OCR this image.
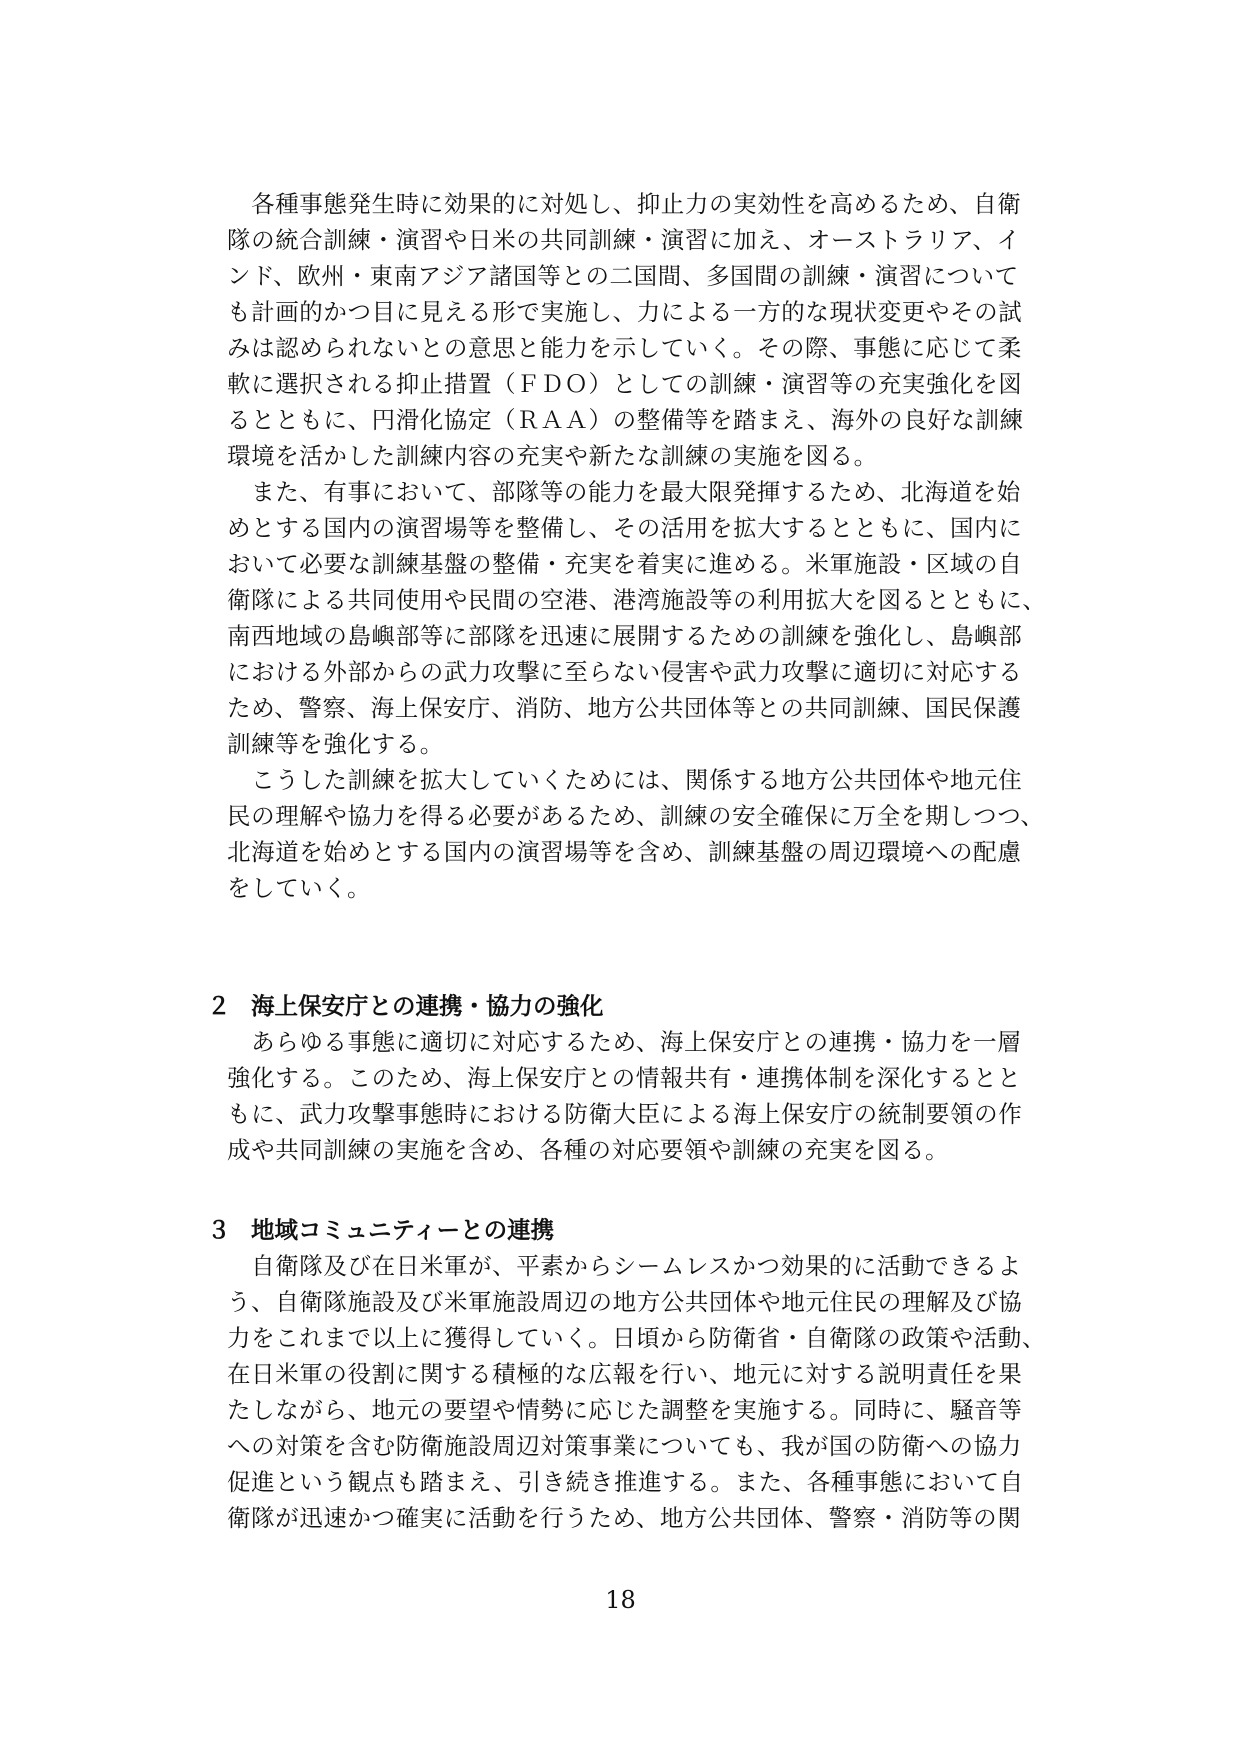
　各種事態発生時に効果的に対処し、抑止力の実効性を高めるため、自衛
隊の統合訓練・演習や日米の共同訓練・演習に加え、オーストラリア、イ
ンド、欧州・東南アジア諸国等との二国間、多国間の訓練・演習について
も計画的かつ目に見える形で実施し、力による一方的な現状変更やその試
みは認められないとの意思と能力を示していく。その際、事態に応じて柔
軟に選択される抑止措置（ＦＤＯ）としての訓練・演習等の充実強化を図
るとともに、円滑化協定（ＲＡＡ）の整備等を踏まえ、海外の良好な訓練
環境を活かした訓練内容の充実や新たな訓練の実施を図る。
　また、有事において、部隊等の能力を最大限発揮するため、北海道を始
めとする国内の演習場等を整備し、その活用を拡大するとともに、国内に
おいて必要な訓練基盤の整備・充実を着実に進める。米軍施設・区域の自
衛隊による共同使用や民間の空港、港湾施設等の利用拡大を図るとともに、
南西地域の島嶼部等に部隊を迅速に展開するための訓練を強化し、島嶼部
における外部からの武力攻撃に至らない侵害や武力攻撃に適切に対応する
ため、警察、海上保安庁、消防、地方公共団体等との共同訓練、国民保護
訓練等を強化する。
　こうした訓練を拡大していくためには、関係する地方公共団体や地元住
民の理解や協力を得る必要があるため、訓練の安全確保に万全を期しつつ、
北海道を始めとする国内の演習場等を含め、訓練基盤の周辺環境への配慮
をしていく。
２ 海上保安庁との連携・協力の強化
　あらゆる事態に適切に対応するため、海上保安庁との連携・協力を一層
強化する。このため、海上保安庁との情報共有・連携体制を深化するとと
もに、武力攻撃事態時における防衛大臣による海上保安庁の統制要領の作
成や共同訓練の実施を含め、各種の対応要領や訓練の充実を図る。
３ 地域コミュニティーとの連携
　自衛隊及び在日米軍が、平素からシームレスかつ効果的に活動できるよ
う、自衛隊施設及び米軍施設周辺の地方公共団体や地元住民の理解及び協
力をこれまで以上に獲得していく。日頃から防衛省・自衛隊の政策や活動、
在日米軍の役割に関する積極的な広報を行い、地元に対する説明責任を果
たしながら、地元の要望や情勢に応じた調整を実施する。同時に、騒音等
への対策を含む防衛施設周辺対策事業についても、我が国の防衛への協力
促進という観点も踏まえ、引き続き推進する。また、各種事態において自
衛隊が迅速かつ確実に活動を行うため、地方公共団体、警察・消防等の関
18
